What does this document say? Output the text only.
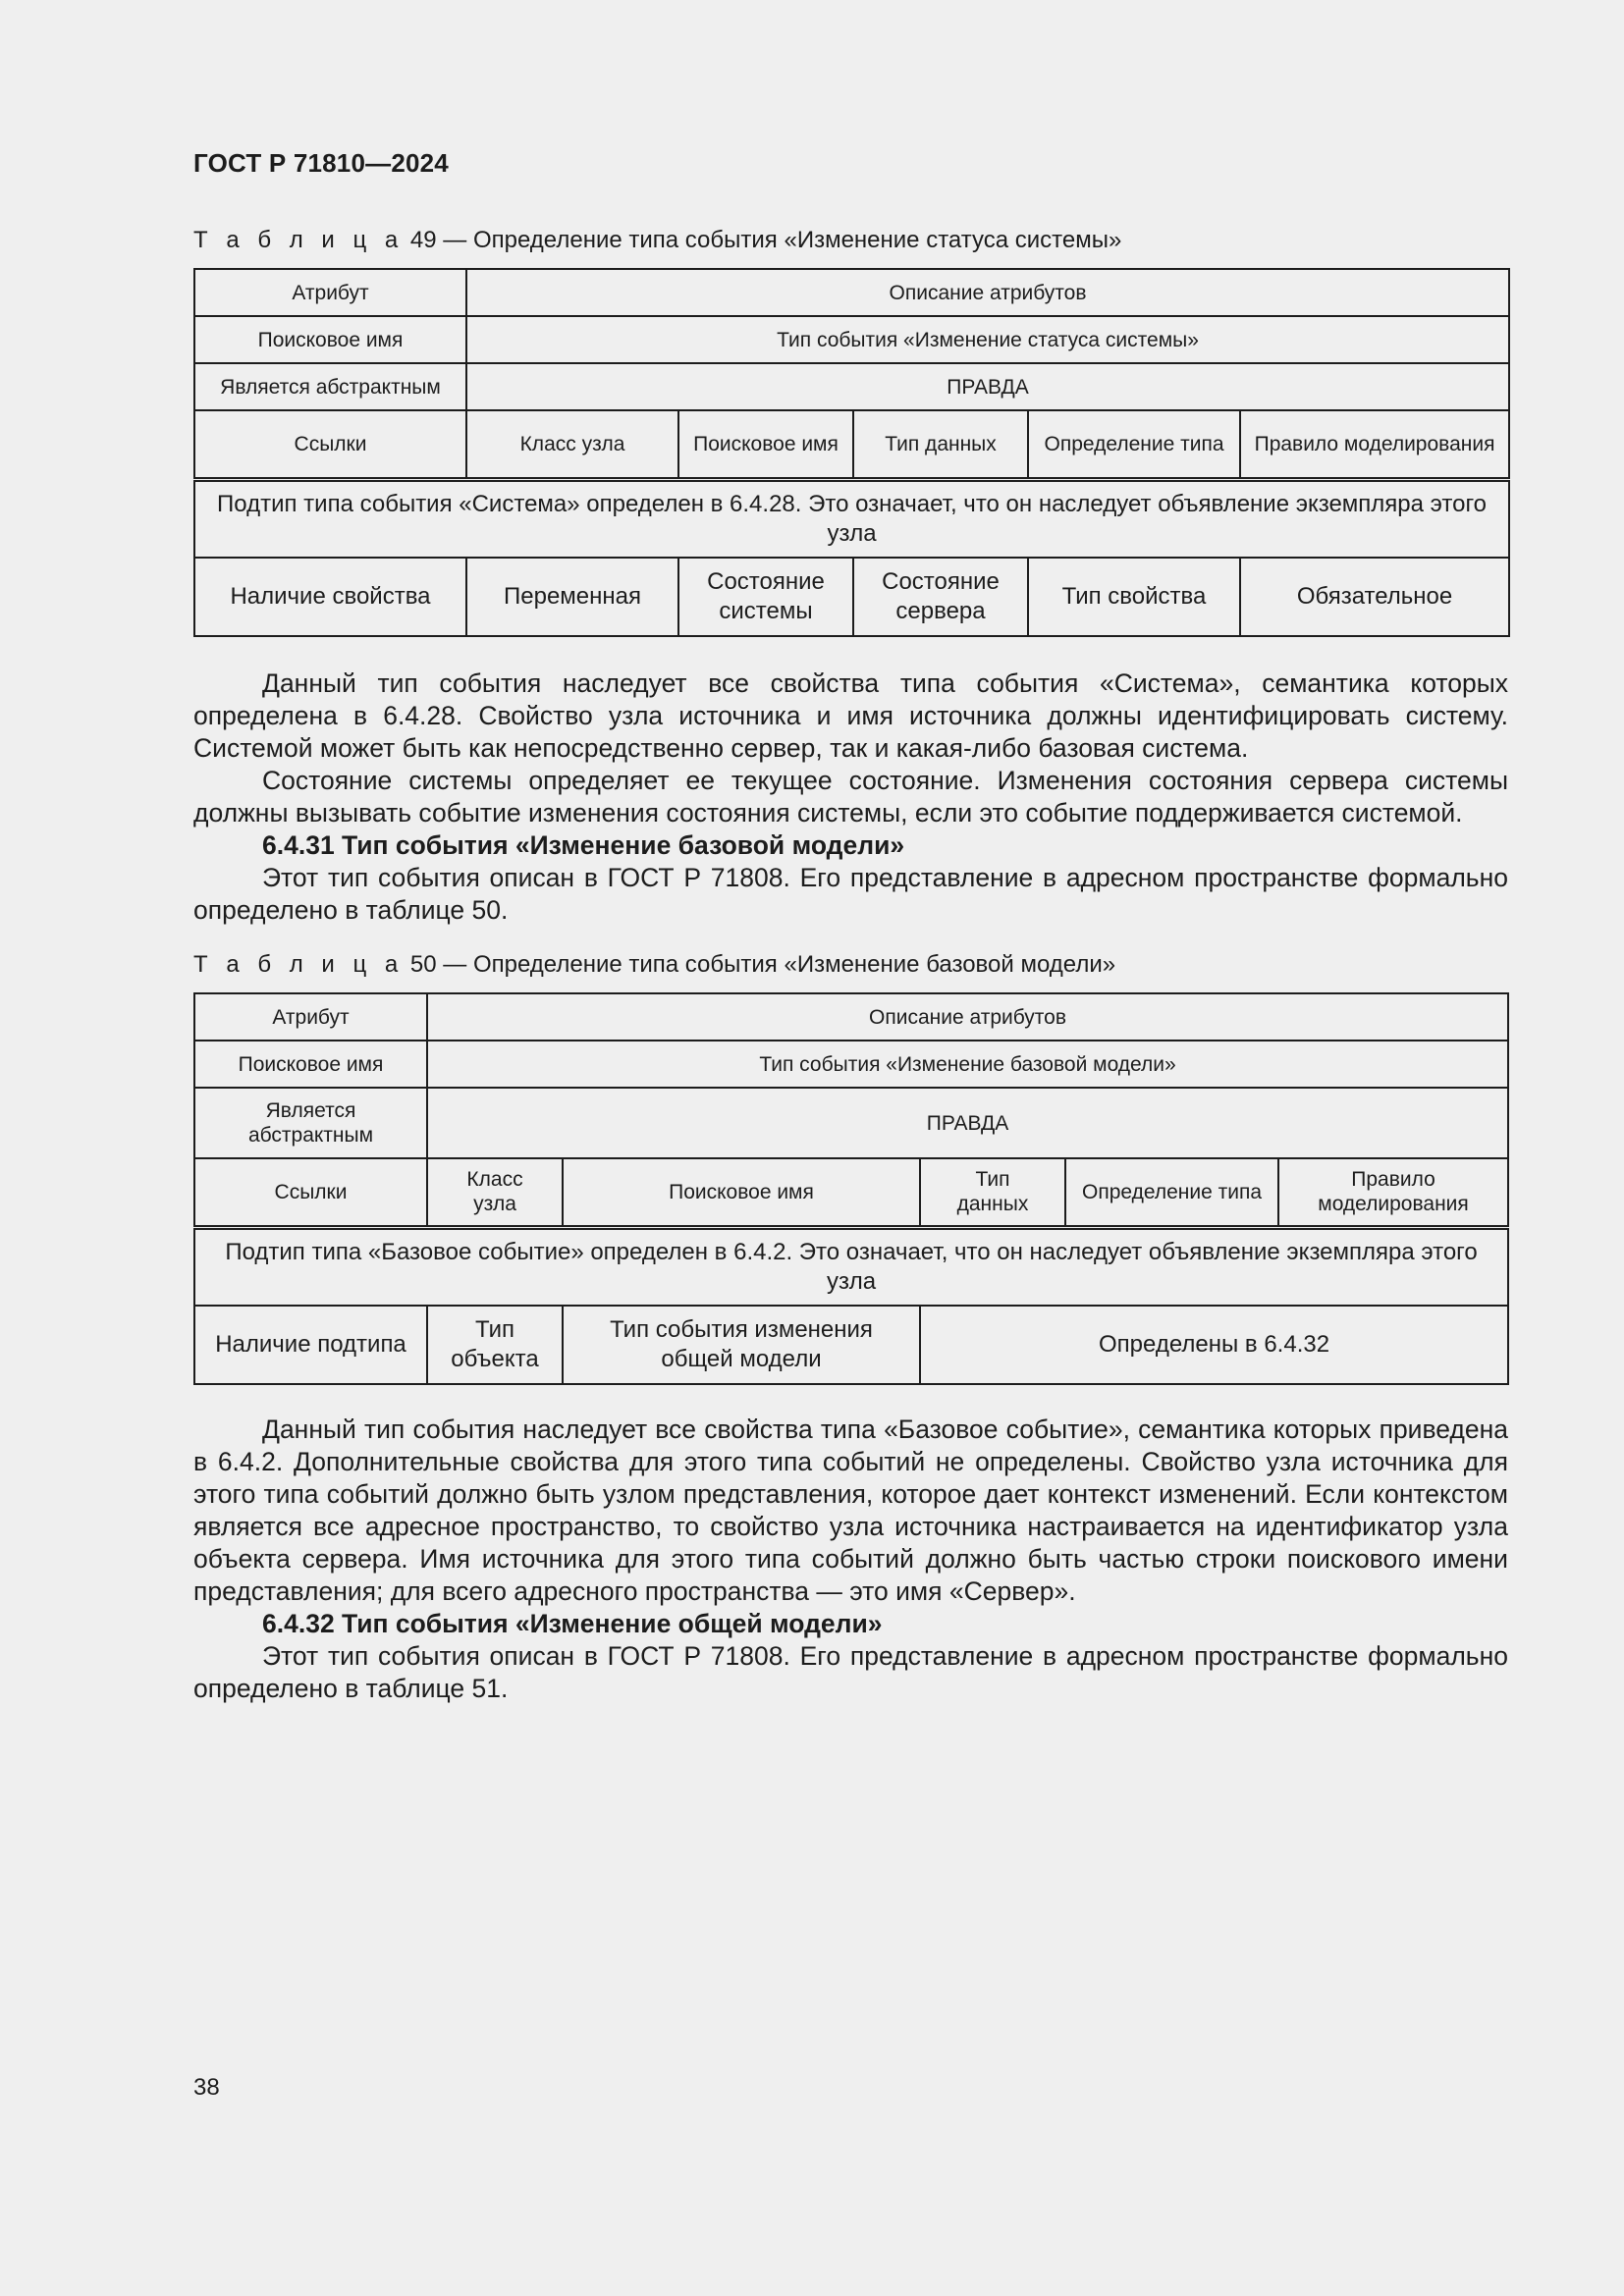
ГОСТ Р 71810—2024
Т а б л и ц а 49 — Определение типа события «Изменение статуса системы»
Атрибут	Описание атрибутов				
Поисковое имя	Тип события «Изменение статуса системы»				
Является абстрактным	ПРАВДА				
Ссылки	Класс узла	Поисковое имя	Тип данных	Определение типа	Правило моделирования
Подтип типа события «Система» определен в 6.4.28. Это означает, что он наследует объявление экземпляра этого узла					
Наличие свойства	Переменная	Состояние системы	Состояние сервера	Тип свойства	Обязательное

Данный тип события наследует все свойства типа события «Система», семантика которых определена в 6.4.28. Свойство узла источника и имя источника должны идентифицировать систему. Системой может быть как непосредственно сервер, так и какая-либо базовая система.

Состояние системы определяет ее текущее состояние. Изменения состояния сервера системы должны вызывать событие изменения состояния системы, если это событие поддерживается системой.

6.4.31 Тип события «Изменение базовой модели»

Этот тип события описан в ГОСТ Р 71808. Его представление в адресном пространстве формально определено в таблице 50.

Т а б л и ц а 50 — Определение типа события «Изменение базовой модели»
Атрибут	Описание атрибутов				
Поисковое имя	Тип события «Изменение базовой модели»				
Является абстрактным	ПРАВДА				
Ссылки	Класс узла	Поисковое имя	Тип данных	Определение типа	Правило моделирования
Подтип типа «Базовое событие» определен в 6.4.2. Это означает, что он наследует объявление экземпляра этого узла					
Наличие подтипа	Тип объекта	Тип события изменения общей модели	Определены в 6.4.32		

Данный тип события наследует все свойства типа «Базовое событие», семантика которых приведена в 6.4.2. Дополнительные свойства для этого типа событий не определены. Свойство узла источника для этого типа событий должно быть узлом представления, которое дает контекст изменений. Если контекстом является все адресное пространство, то свойство узла источника настраивается на идентификатор узла объекта сервера. Имя источника для этого типа событий должно быть частью строки поискового имени представления; для всего адресного пространства — это имя «Сервер».

6.4.32 Тип события «Изменение общей модели»

Этот тип события описан в ГОСТ Р 71808. Его представление в адресном пространстве формально определено в таблице 51.

38
